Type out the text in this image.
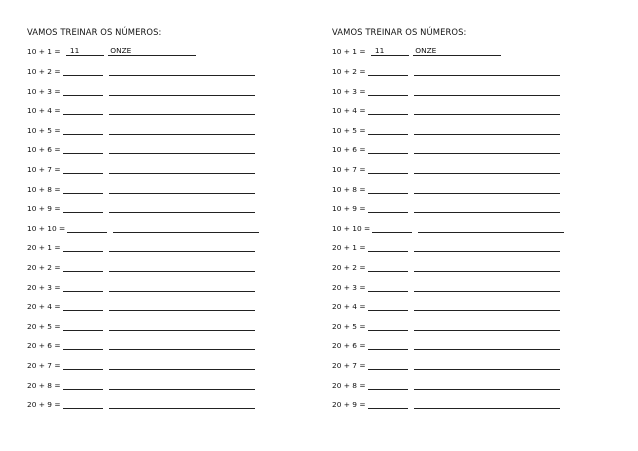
VAMOS TREINAR OS NÚMEROS:
10 + 1 = 11	ONZE
10 + 2 =
10 + 3 =
10 + 4 =
10 + 5 =
10 + 6 =
10 + 7 =
10 + 8 =
10 + 9 =
10 + 10 =
20 + 1 =
20 + 2 =
20 + 3 =
20 + 4 =
20 + 5 =
20 + 6 =
20 + 7 =
20 + 8 =
20 + 9 =
VAMOS TREINAR OS NÚMEROS:
10 + 1 = 11	ONZE
10 + 2 =
10 + 3 =
10 + 4 =
10 + 5 =
10 + 6 =
10 + 7 =
10 + 8 =
10 + 9 =
10 + 10 =
20 + 1 =
20 + 2 =
20 + 3 =
20 + 4 =
20 + 5 =
20 + 6 =
20 + 7 =
20 + 8 =
20 + 9 =
